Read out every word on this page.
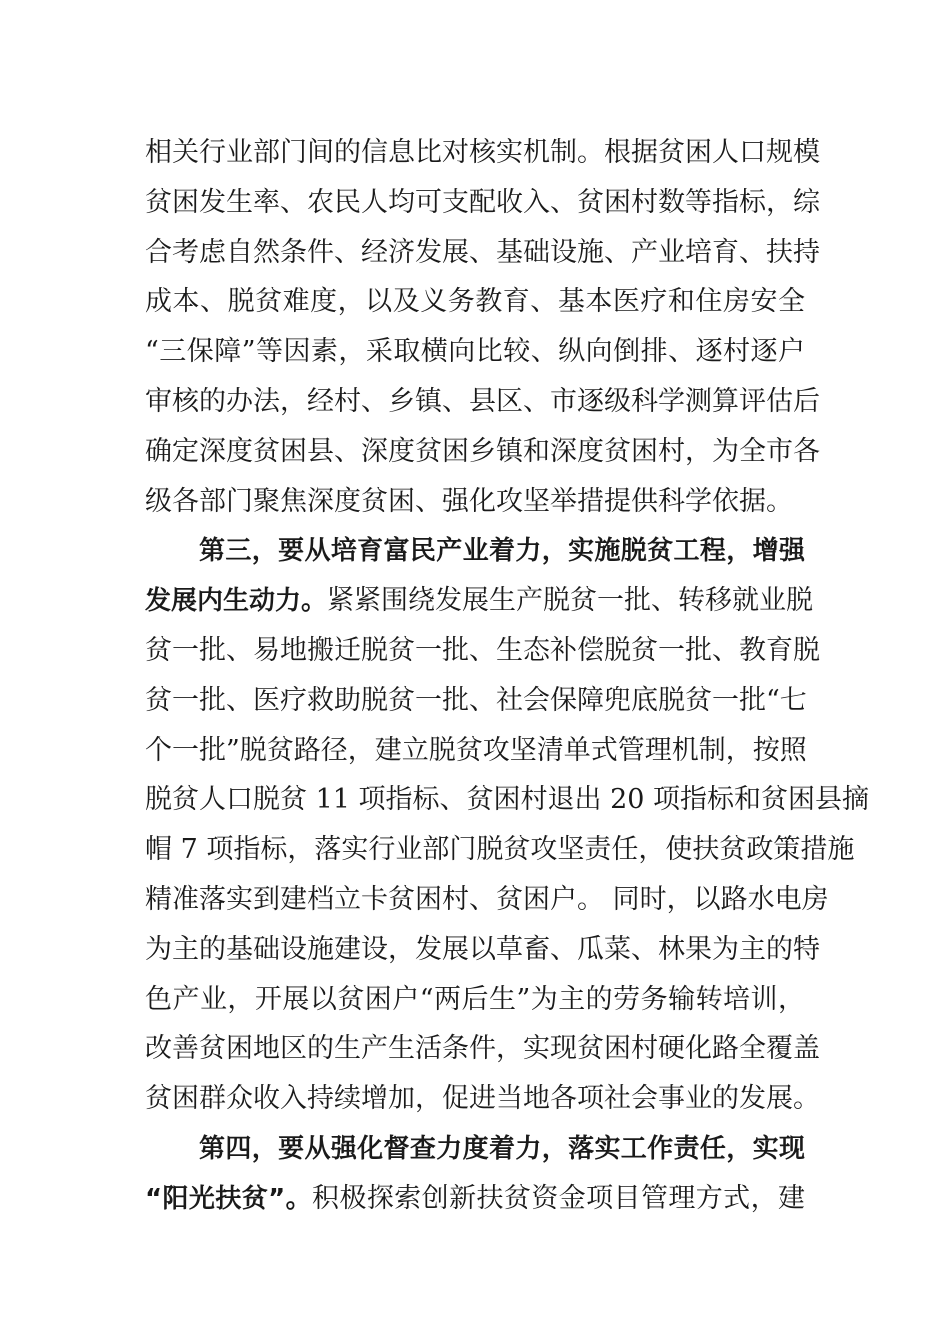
相关行业部门间的信息比对核实机制。根据贫困人口规模
贫困发生率、农民人均可支配收入、贫困村数等指标，综
合考虑自然条件、经济发展、基础设施、产业培育、扶持
成本、脱贫难度，以及义务教育、基本医疗和住房安全
“三保障”等因素，采取横向比较、纵向倒排、逐村逐户
审核的办法，经村、乡镇、县区、市逐级科学测算评估后
确定深度贫困县、深度贫困乡镇和深度贫困村，为全市各
级各部门聚焦深度贫困、强化攻坚举措提供科学依据。
第三，要从培育富民产业着力，实施脱贫工程，增强
发展内生动力。紧紧围绕发展生产脱贫一批、转移就业脱
贫一批、易地搬迁脱贫一批、生态补偿脱贫一批、教育脱
贫一批、医疗救助脱贫一批、社会保障兜底脱贫一批“七
个一批”脱贫路径，建立脱贫攻坚清单式管理机制，按照
脱贫人口脱贫 11 项指标、贫困村退出 20 项指标和贫困县摘
帽 7 项指标，落实行业部门脱贫攻坚责任，使扶贫政策措施
精准落实到建档立卡贫困村、贫困户。 同时，以路水电房
为主的基础设施建设，发展以草畜、瓜菜、林果为主的特
色产业，开展以贫困户“两后生”为主的劳务输转培训，
改善贫困地区的生产生活条件，实现贫困村硬化路全覆盖
贫困群众收入持续增加，促进当地各项社会事业的发展。
第四，要从强化督查力度着力，落实工作责任，实现
“阳光扶贫”。积极探索创新扶贫资金项目管理方式，建
